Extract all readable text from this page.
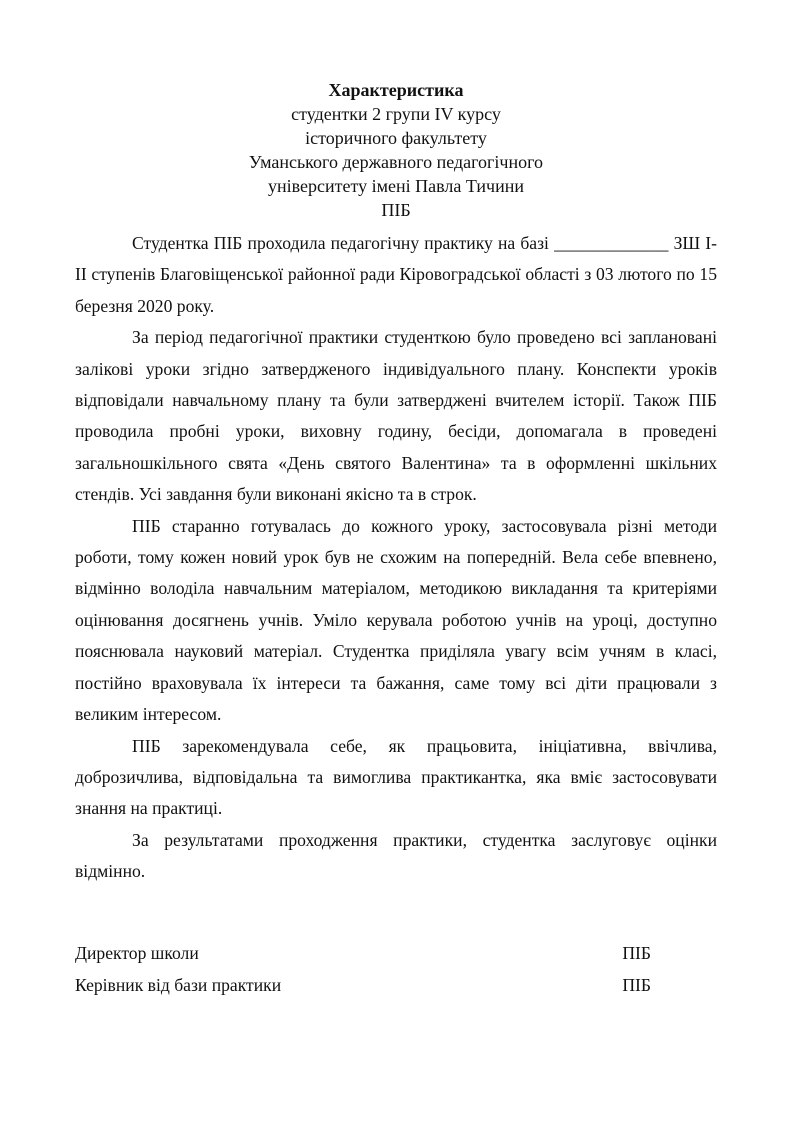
Характеристика
студентки 2 групи IV курсу
історичного факультету
Уманського державного педагогічного
університету імені Павла Тичини
ПІБ

Студентка ПІБ проходила педагогічну практику на базі _____________ ЗШ І-ІІ ступенів Благовіщенської районної ради Кіровоградської області з 03 лютого по 15 березня 2020 року.

За період педагогічної практики студенткою було проведено всі заплановані залікові уроки згідно затвердженого індивідуального плану. Конспекти уроків відповідали навчальному плану та були затверджені вчителем історії. Також ПІБ проводила пробні уроки, виховну годину, бесіди, допомагала в проведені загальношкільного свята «День святого Валентина» та в оформленні шкільних стендів. Усі завдання були виконані якісно та в строк.

ПІБ старанно готувалась до кожного уроку, застосовувала різні методи роботи, тому кожен новий урок був не схожим на попередній. Вела себе впевнено, відмінно володіла навчальним матеріалом, методикою викладання та критеріями оцінювання досягнень учнів. Уміло керувала роботою учнів на уроці, доступно пояснювала науковий матеріал. Студентка приділяла увагу всім учням в класі, постійно враховувала їх інтереси та бажання, саме тому всі діти працювали з великим інтересом.

ПІБ зарекомендувала себе, як працьовита, ініціативна, ввічлива, доброзичлива, відповідальна та вимоглива практикантка, яка вміє застосовувати знання на практиці.

За результатами проходження практики, студентка заслуговує оцінки відмінно.

Директор школи	ПІБ
Керівник від бази практики	ПІБ
